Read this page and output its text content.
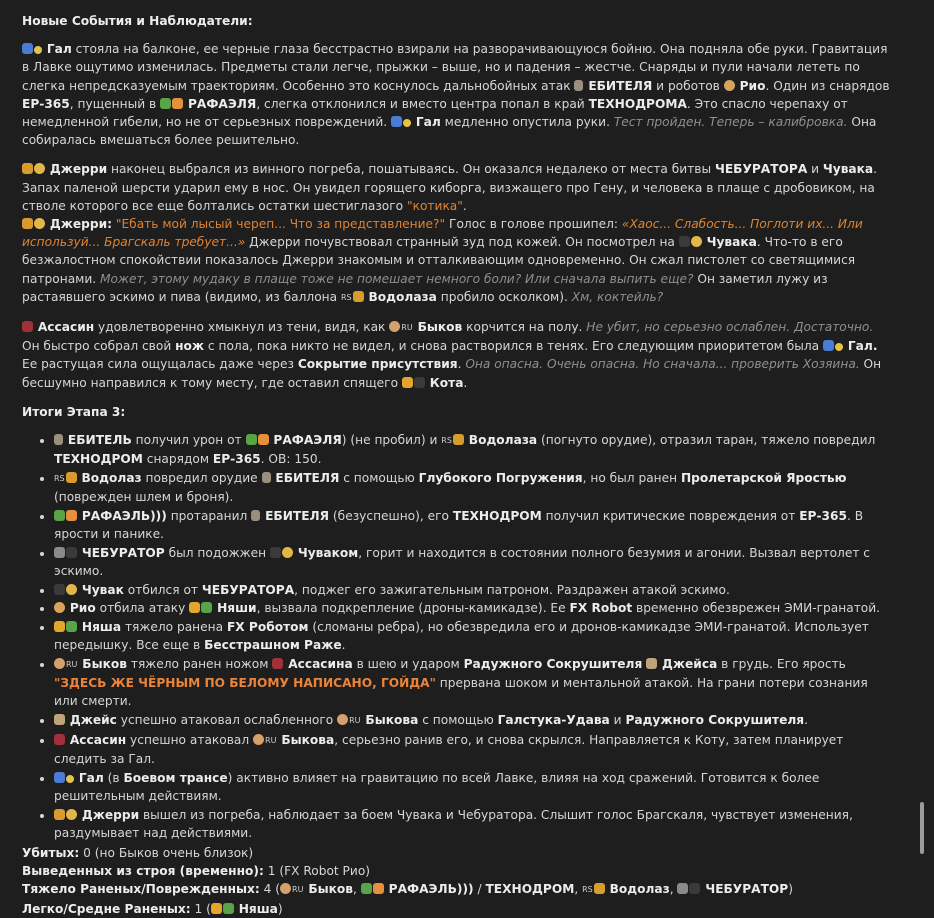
Новые События и Наблюдатели:

Гал стояла на балконе, ее черные глаза бесстрастно взирали на разворачивающуюся бойню. Она подняла обе руки. Гравитация в Лавке ощутимо изменилась. Предметы стали легче, прыжки – выше, но и падения – жестче. Снаряды и пули начали лететь по слегка непредсказуемым траекториям. Особенно это коснулось дальнобойных атак  ЕБИТЕЛЯ и роботов  Рио. Один из снарядов ЕР-365, пущенный в  РАФАЭЛЯ, слегка отклонился и вместо центра попал в край ТЕХНОДРОМА. Это спасло черепаху от немедленной гибели, но не от серьезных повреждений.  Гал медленно опустила руки. Тест пройден. Теперь – калибровка. Она собиралась вмешаться более решительно.

Джерри наконец выбрался из винного погреба, пошатываясь. Он оказался недалеко от места битвы ЧЕБУРАТОРА и Чувака. Запах паленой шерсти ударил ему в нос. Он увидел горящего киборга, визжащего про Гену, и человека в плаще с дробовиком, на стволе которого все еще болтались остатки шестиглазого "котика".

Джерри: "Ебать мой лысый череп... Что за представление?" Голос в голове прошипел: «Хаос... Слабость... Поглоти их... Или используй... Брагскаль требует...» Джерри почувствовал странный зуд под кожей. Он посмотрел на  Чувака. Что-то в его безжалостном спокойствии показалось Джерри знакомым и отталкивающим одновременно. Он сжал пистолет со светящимися патронами. Может, этому мудаку в плаще тоже не помешает немного боли? Или сначала выпить еще? Он заметил лужу из растаявшего эскимо и пива (видимо, из баллона RS Водолаза пробило осколком). Хм, коктейль?

Ассасин удовлетворенно хмыкнул из тени, видя, как RU Быков корчится на полу. Не убит, но серьезно ослаблен. Достаточно. Он быстро собрал свой нож с пола, пока никто не видел, и снова растворился в тенях. Его следующим приоритетом была  Гал. Ее растущая сила ощущалась даже через Сокрытие присутствия. Она опасна. Очень опасна. Но сначала... проверить Хозяина. Он бесшумно направился к тому месту, где оставил спящего  Кота.

Итоги Этапа 3:

• ЕБИТЕЛЬ получил урон от  РАФАЭЛЯ) (не пробил) и RS Водолаза (погнуто орудие), отразил таран, тяжело повредил ТЕХНОДРОМ снарядом ЕР-365. ОВ: 150.
• RS Водолаз повредил орудие  ЕБИТЕЛЯ с помощью Глубокого Погружения, но был ранен Пролетарской Яростью (поврежден шлем и броня).
• РАФАЭЛЬ))) протаранил  ЕБИТЕЛЯ (безуспешно), его ТЕХНОДРОМ получил критические повреждения от ЕР-365. В ярости и панике.
• ЧЕБУРАТОР был подожжен  Чуваком, горит и находится в состоянии полного безумия и агонии. Вызвал вертолет с эскимо.
• Чувак отбился от ЧЕБУРАТОРА, поджег его зажигательным патроном. Раздражен атакой эскимо.
• Рио отбила атаку  Няши, вызвала подкрепление (дроны-камикадзе). Ее FX Robot временно обезврежен ЭМИ-гранатой.
• Няша тяжело ранена FX Роботом (сломаны ребра), но обезвредила его и дронов-камикадзе ЭМИ-гранатой. Использует передышку. Все еще в Бесстрашном Раже.
• RU Быков тяжело ранен ножом  Ассасина в шею и ударом Радужного Сокрушителя Джейса в грудь. Его ярость "ЗДЕСЬ ЖЕ ЧЁРНЫМ ПО БЕЛОМУ НАПИСАНО, ГОЙДА" прервана шоком и ментальной атакой. На грани потери сознания или смерти.
• Джейс успешно атаковал ослабленного RU Быкова с помощью Галстука-Удава и Радужного Сокрушителя.
• Ассасин успешно атаковал RU Быкова, серьезно ранив его, и снова скрылся. Направляется к Коту, затем планирует следить за Гал.
• Гал (в Боевом трансе) активно влияет на гравитацию по всей Лавке, влияя на ход сражений. Готовится к более решительным действиям.
• Джерри вышел из погреба, наблюдает за боем Чувака и Чебуратора. Слышит голос Брагскаля, чувствует изменения, раздумывает над действиями.
Убитых: 0 (но Быков очень близок)
Выведенных из строя (временно): 1 (FX Robot Рио)
Тяжело Раненых/Поврежденных: 4 ( RU Быков,  РАФАЭЛЬ))) / ТЕХНОДРОМ, RS Водолаз,  ЧЕБУРАТОР)
Легко/Средне Раненых: 1 ( Няша)
